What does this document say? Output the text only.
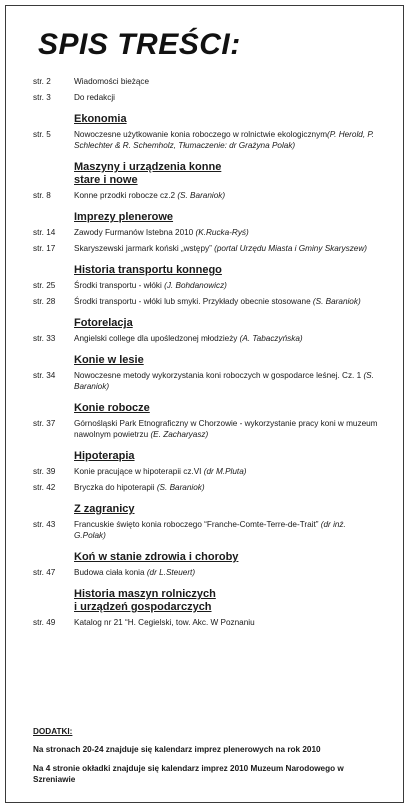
SPIS TREŚCI:
str. 2	Wiadomości bieżące
str. 3	Do redakcji
Ekonomia
str. 5	Nowoczesne użytkowanie konia roboczego w rolnictwie ekologicznym(P. Herold, P. Schlechter & R. Schemholz, Tłumaczenie: dr Grażyna Polak)
Maszyny i urządzenia konne
stare i nowe
str. 8	Konne przodki robocze cz.2 (S. Baraniok)
Imprezy plenerowe
str. 14 Zawody Furmanów Istebna 2010 (K.Rucka-Ryś)
str. 17 Skaryszewski jarmark koński „wstępy” (portal Urzędu Miasta i Gminy Skaryszew)
Historia transportu konnego
str. 25 Środki transportu - włóki (J. Bohdanowicz)
str. 28 Środki transportu - włóki lub smyki. Przykłady obecnie stosowane (S. Baraniok)
Fotorelacja
str. 33 Angielski college dla upośledzonej młodzieży (A. Tabaczyńska)
Konie w lesie
str. 34 Nowoczesne metody wykorzystania koni roboczych w gospodarce leśnej. Cz. 1 (S. Baraniok)
Konie robocze
str. 37 Górnośląski Park Etnograficzny w Chorzowie - wykorzystanie pracy koni w muzeum nawolnym powietrzu (E. Zacharyasz)
Hipoterapia
str. 39 Konie pracujące w hipoterapii cz.VI (dr M.Pluta)
str. 42 Bryczka do hipoterapii (S. Baraniok)
Z zagranicy
str. 43 Francuskie święto konia roboczego “Franche-Comte-Terre-de-Trait” (dr inż. G.Polak)
Koń w stanie zdrowia i choroby
str. 47 Budowa ciała konia (dr L.Steuert)
Historia maszyn rolniczych
i urządzeń gospodarczych
str. 49 Katalog nr 21 “H. Cegielski, tow. Akc. W Poznaniu
DODATKI:
Na stronach 20-24 znajduje się kalendarz imprez plenerowych na rok 2010
Na 4 stronie okładki znajduje się kalendarz imprez 2010 Muzeum Narodowego w Szreniawie
